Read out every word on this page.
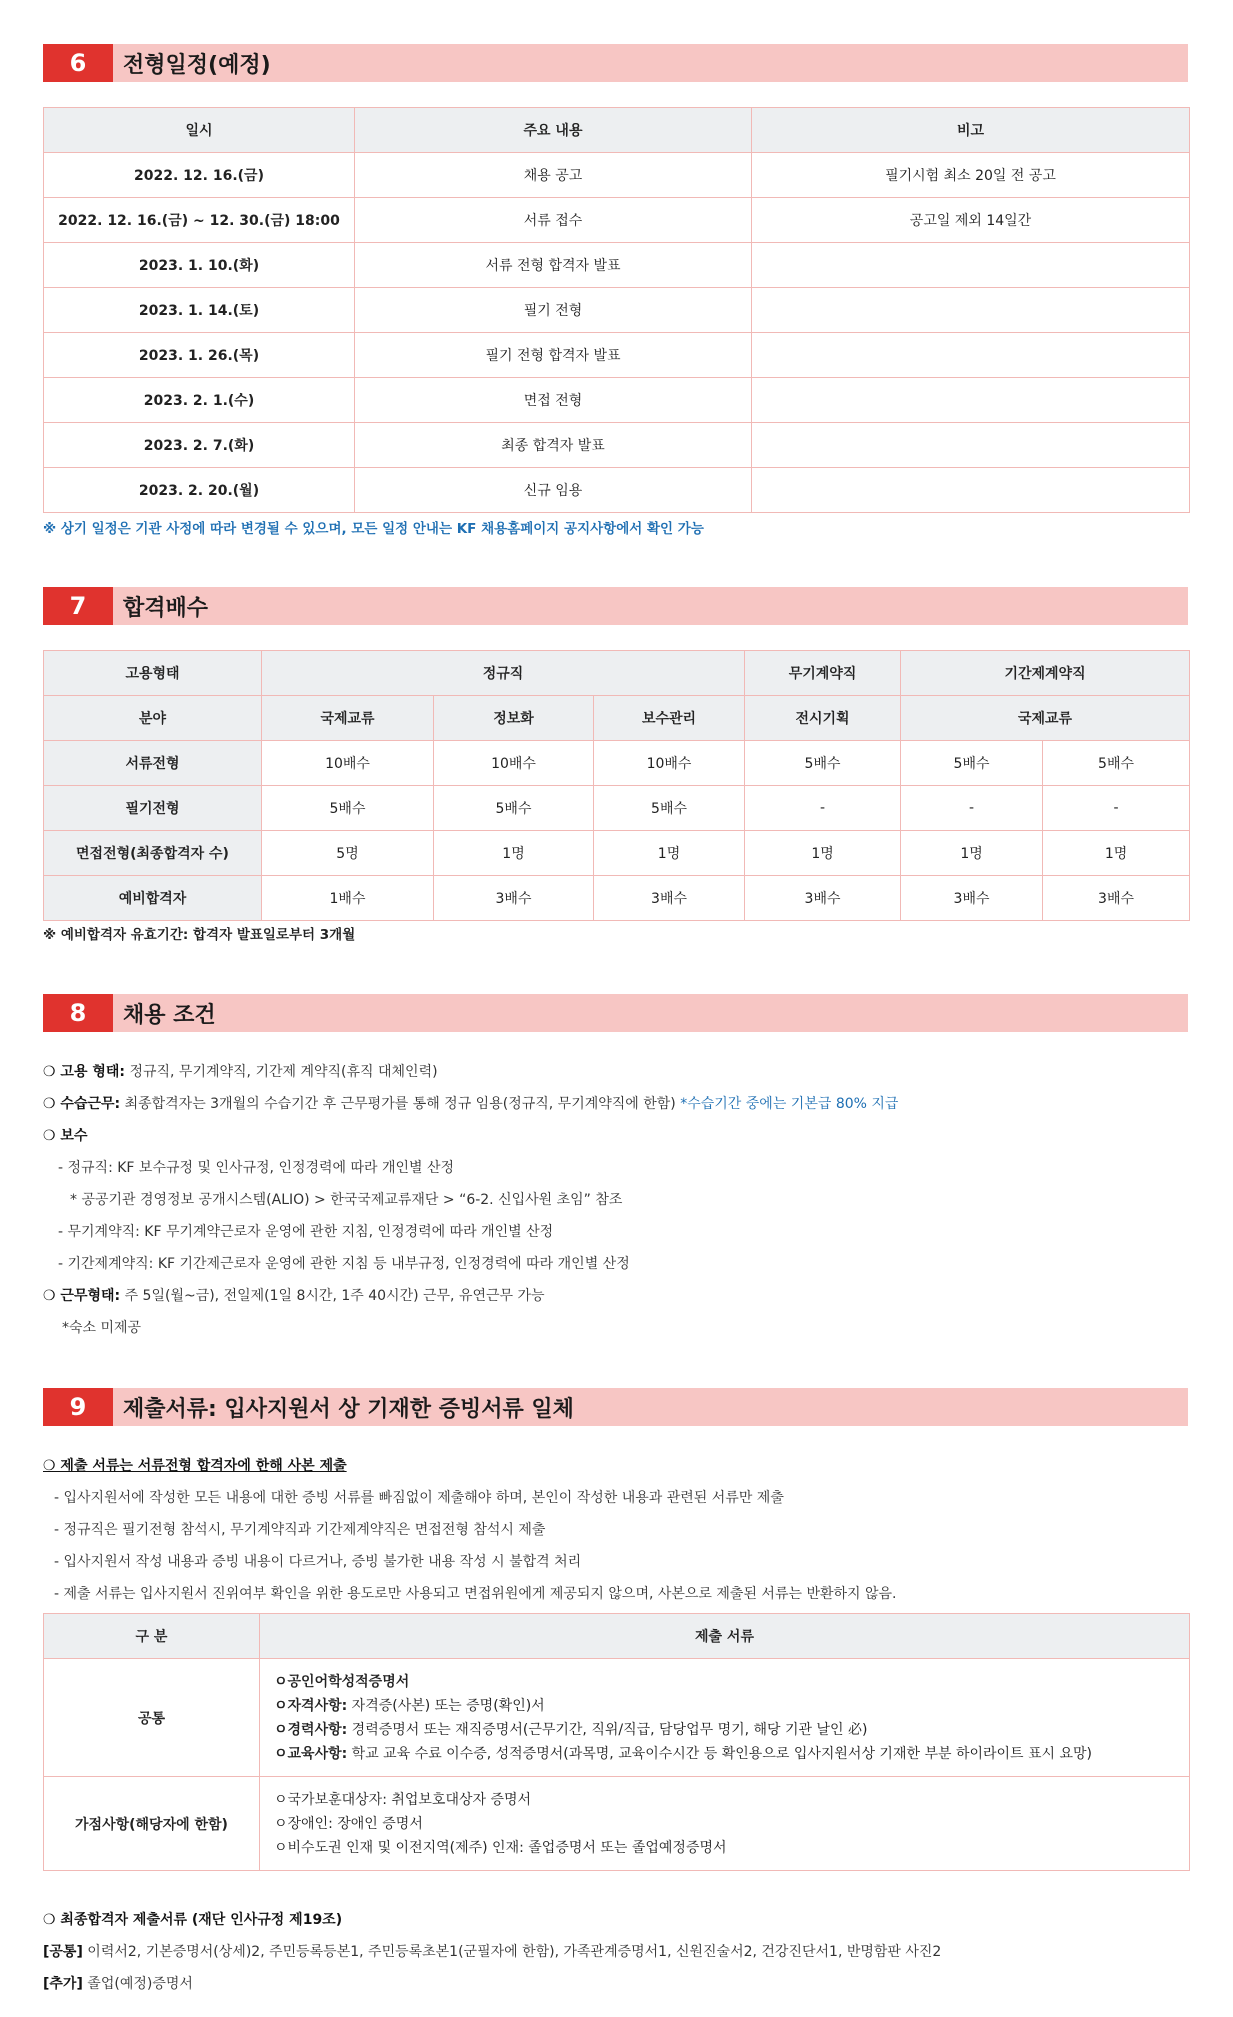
6	전형일정(예정)
일시	주요 내용	비고
2022. 12. 16.(금)	채용 공고	필기시험 최소 20일 전 공고
2022. 12. 16.(금) ~ 12. 30.(금) 18:00	서류 접수	공고일 제외 14일간
2023. 1. 10.(화)	서류 전형 합격자 발표	
2023. 1. 14.(토)	필기 전형	
2023. 1. 26.(목)	필기 전형 합격자 발표	
2023. 2. 1.(수)	면접 전형	
2023. 2. 7.(화)	최종 합격자 발표	
2023. 2. 20.(월)	신규 임용	
※ 상기 일정은 기관 사정에 따라 변경될 수 있으며, 모든 일정 안내는 KF 채용홈페이지 공지사항에서 확인 가능
7	합격배수
고용형태	정규직			무기계약직	기간제계약직	
분야	국제교류	정보화	보수관리	전시기획	국제교류	
서류전형	10배수	10배수	10배수	5배수	5배수	5배수
필기전형	5배수	5배수	5배수	-	-	-
면접전형(최종합격자 수)	5명	1명	1명	1명	1명	1명
예비합격자	1배수	3배수	3배수	3배수	3배수	3배수
※ 예비합격자 유효기간: 합격자 발표일로부터 3개월
8	채용 조건
❍ 고용 형태: 정규직, 무기계약직, 기간제 계약직(휴직 대체인력)
❍ 수습근무: 최종합격자는 3개월의 수습기간 후 근무평가를 통해 정규 임용(정규직, 무기계약직에 한함) *수습기간 중에는 기본급 80% 지급
❍ 보수
- 정규직: KF 보수규정 및 인사규정, 인정경력에 따라 개인별 산정
* 공공기관 경영정보 공개시스템(ALIO) > 한국국제교류재단 > “6-2. 신입사원 초임” 참조
- 무기계약직: KF 무기계약근로자 운영에 관한 지침, 인정경력에 따라 개인별 산정
- 기간제계약직: KF 기간제근로자 운영에 관한 지침 등 내부규정, 인정경력에 따라 개인별 산정
❍ 근무형태: 주 5일(월~금), 전일제(1일 8시간, 1주 40시간) 근무, 유연근무 가능
*숙소 미제공
9	제출서류: 입사지원서 상 기재한 증빙서류 일체
❍ 제출 서류는 서류전형 합격자에 한해 사본 제출
- 입사지원서에 작성한 모든 내용에 대한 증빙 서류를 빠짐없이 제출해야 하며, 본인이 작성한 내용과 관련된 서류만 제출
- 정규직은 필기전형 참석시, 무기계약직과 기간제계약직은 면접전형 참석시 제출
- 입사지원서 작성 내용과 증빙 내용이 다르거나, 증빙 불가한 내용 작성 시 불합격 처리
- 제출 서류는 입사지원서 진위여부 확인을 위한 용도로만 사용되고 면접위원에게 제공되지 않으며, 사본으로 제출된 서류는 반환하지 않음.
구 분	제출 서류
공통	ㅇ공인어학성적증명서
ㅇ자격사항: 자격증(사본) 또는 증명(확인)서
ㅇ경력사항: 경력증명서 또는 재직증명서(근무기간, 직위/직급, 담당업무 명기, 해당 기관 날인 必)
ㅇ교육사항: 학교 교육 수료 이수증, 성적증명서(과목명, 교육이수시간 등 확인용으로 입사지원서상 기재한 부분 하이라이트 표시 요망)

가점사항(해당자에 한함)	ㅇ국가보훈대상자: 취업보호대상자 증명서
ㅇ장애인: 장애인 증명서
ㅇ비수도권 인재 및 이전지역(제주) 인재: 졸업증명서 또는 졸업예정증명서
❍ 최종합격자 제출서류 (재단 인사규정 제19조)
[공통] 이력서2, 기본증명서(상세)2, 주민등록등본1, 주민등록초본1(군필자에 한함), 가족관계증명서1, 신원진술서2, 건강진단서1, 반명함판 사진2
[추가] 졸업(예정)증명서
